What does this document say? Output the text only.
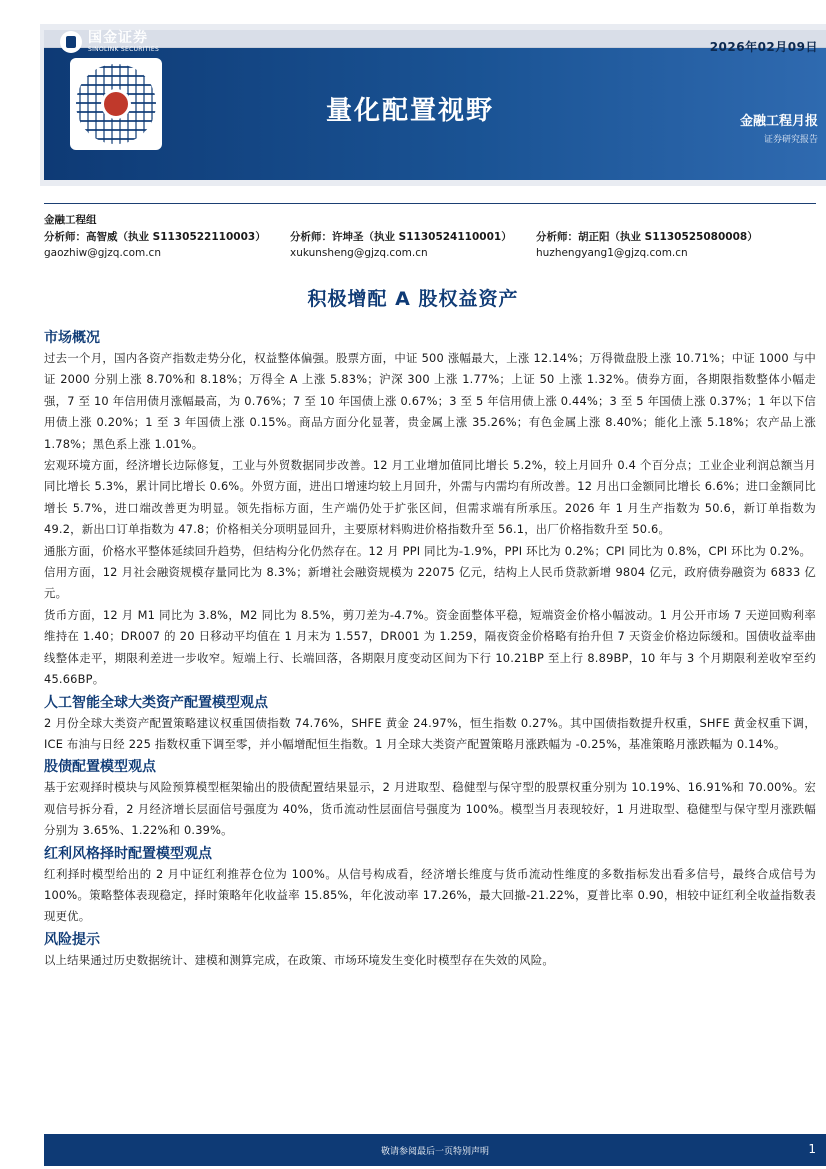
国金证券
SINOLINK SECURITIES	2026年02月09日
量化配置视野	金融工程月报
证券研究报告
金融工程组
分析师：高智威（执业 S1130522110003）	分析师：许坤圣（执业 S1130524110001）	分析师：胡正阳（执业 S1130525080008）
gaozhiw@gjzq.com.cn	xukunsheng@gjzq.com.cn	huzhengyang1@gjzq.com.cn
积极增配 A 股权益资产
市场概况

过去一个月，国内各资产指数走势分化，权益整体偏强。股票方面，中证 500 涨幅最大，上涨 12.14%；万得微盘股上涨 10.71%；中证 1000 与中证 2000 分别上涨 8.70%和 8.18%；万得全 A 上涨 5.83%；沪深 300 上涨 1.77%；上证 50 上涨 1.32%。债券方面，各期限指数整体小幅走强，7 至 10 年信用债月涨幅最高，为 0.76%；7 至 10 年国债上涨 0.67%；3 至 5 年信用债上涨 0.44%；3 至 5 年国债上涨 0.37%；1 年以下信用债上涨 0.20%；1 至 3 年国债上涨 0.15%。商品方面分化显著，贵金属上涨 35.26%；有色金属上涨 8.40%；能化上涨 5.18%；农产品上涨 1.78%；黑色系上涨 1.01%。

宏观环境方面，经济增长边际修复，工业与外贸数据同步改善。12 月工业增加值同比增长 5.2%，较上月回升 0.4 个百分点；工业企业利润总额当月同比增长 5.3%，累计同比增长 0.6%。外贸方面，进出口增速均较上月回升，外需与内需均有所改善。12 月出口金额同比增长 6.6%；进口金额同比增长 5.7%，进口端改善更为明显。领先指标方面，生产端仍处于扩张区间，但需求端有所承压。2026 年 1 月生产指数为 50.6，新订单指数为 49.2，新出口订单指数为 47.8；价格相关分项明显回升，主要原材料购进价格指数升至 56.1，出厂价格指数升至 50.6。

通胀方面，价格水平整体延续回升趋势，但结构分化仍然存在。12 月 PPI 同比为-1.9%，PPI 环比为 0.2%；CPI 同比为 0.8%，CPI 环比为 0.2%。

信用方面，12 月社会融资规模存量同比为 8.3%；新增社会融资规模为 22075 亿元，结构上人民币贷款新增 9804 亿元，政府债券融资为 6833 亿元。

货币方面，12 月 M1 同比为 3.8%，M2 同比为 8.5%，剪刀差为-4.7%。资金面整体平稳，短端资金价格小幅波动。1 月公开市场 7 天逆回购利率维持在 1.40；DR007 的 20 日移动平均值在 1 月末为 1.557，DR001 为 1.259，隔夜资金价格略有抬升但 7 天资金价格边际缓和。国债收益率曲线整体走平，期限利差进一步收窄。短端上行、长端回落，各期限月度变动区间为下行 10.21BP 至上行 8.89BP，10 年与 3 个月期限利差收窄至约 45.66BP。

人工智能全球大类资产配置模型观点

2 月份全球大类资产配置策略建议权重国债指数 74.76%，SHFE 黄金 24.97%，恒生指数 0.27%。其中国债指数提升权重，SHFE 黄金权重下调，ICE 布油与日经 225 指数权重下调至零，并小幅增配恒生指数。1 月全球大类资产配置策略月涨跌幅为 -0.25%，基准策略月涨跌幅为 0.14%。

股债配置模型观点

基于宏观择时模块与风险预算模型框架输出的股债配置结果显示，2 月进取型、稳健型与保守型的股票权重分别为 10.19%、16.91%和 70.00%。宏观信号拆分看，2 月经济增长层面信号强度为 40%，货币流动性层面信号强度为 100%。模型当月表现较好，1 月进取型、稳健型与保守型月涨跌幅分别为 3.65%、1.22%和 0.39%。

红利风格择时配置模型观点

红利择时模型给出的 2 月中证红利推荐仓位为 100%。从信号构成看，经济增长维度与货币流动性维度的多数指标发出看多信号，最终合成信号为 100%。策略整体表现稳定，择时策略年化收益率 15.85%，年化波动率 17.26%，最大回撤-21.22%，夏普比率 0.90，相较中证红利全收益指数表现更优。

风险提示

以上结果通过历史数据统计、建模和测算完成，在政策、市场环境发生变化时模型存在失效的风险。

敬请参阅最后一页特别声明	1
